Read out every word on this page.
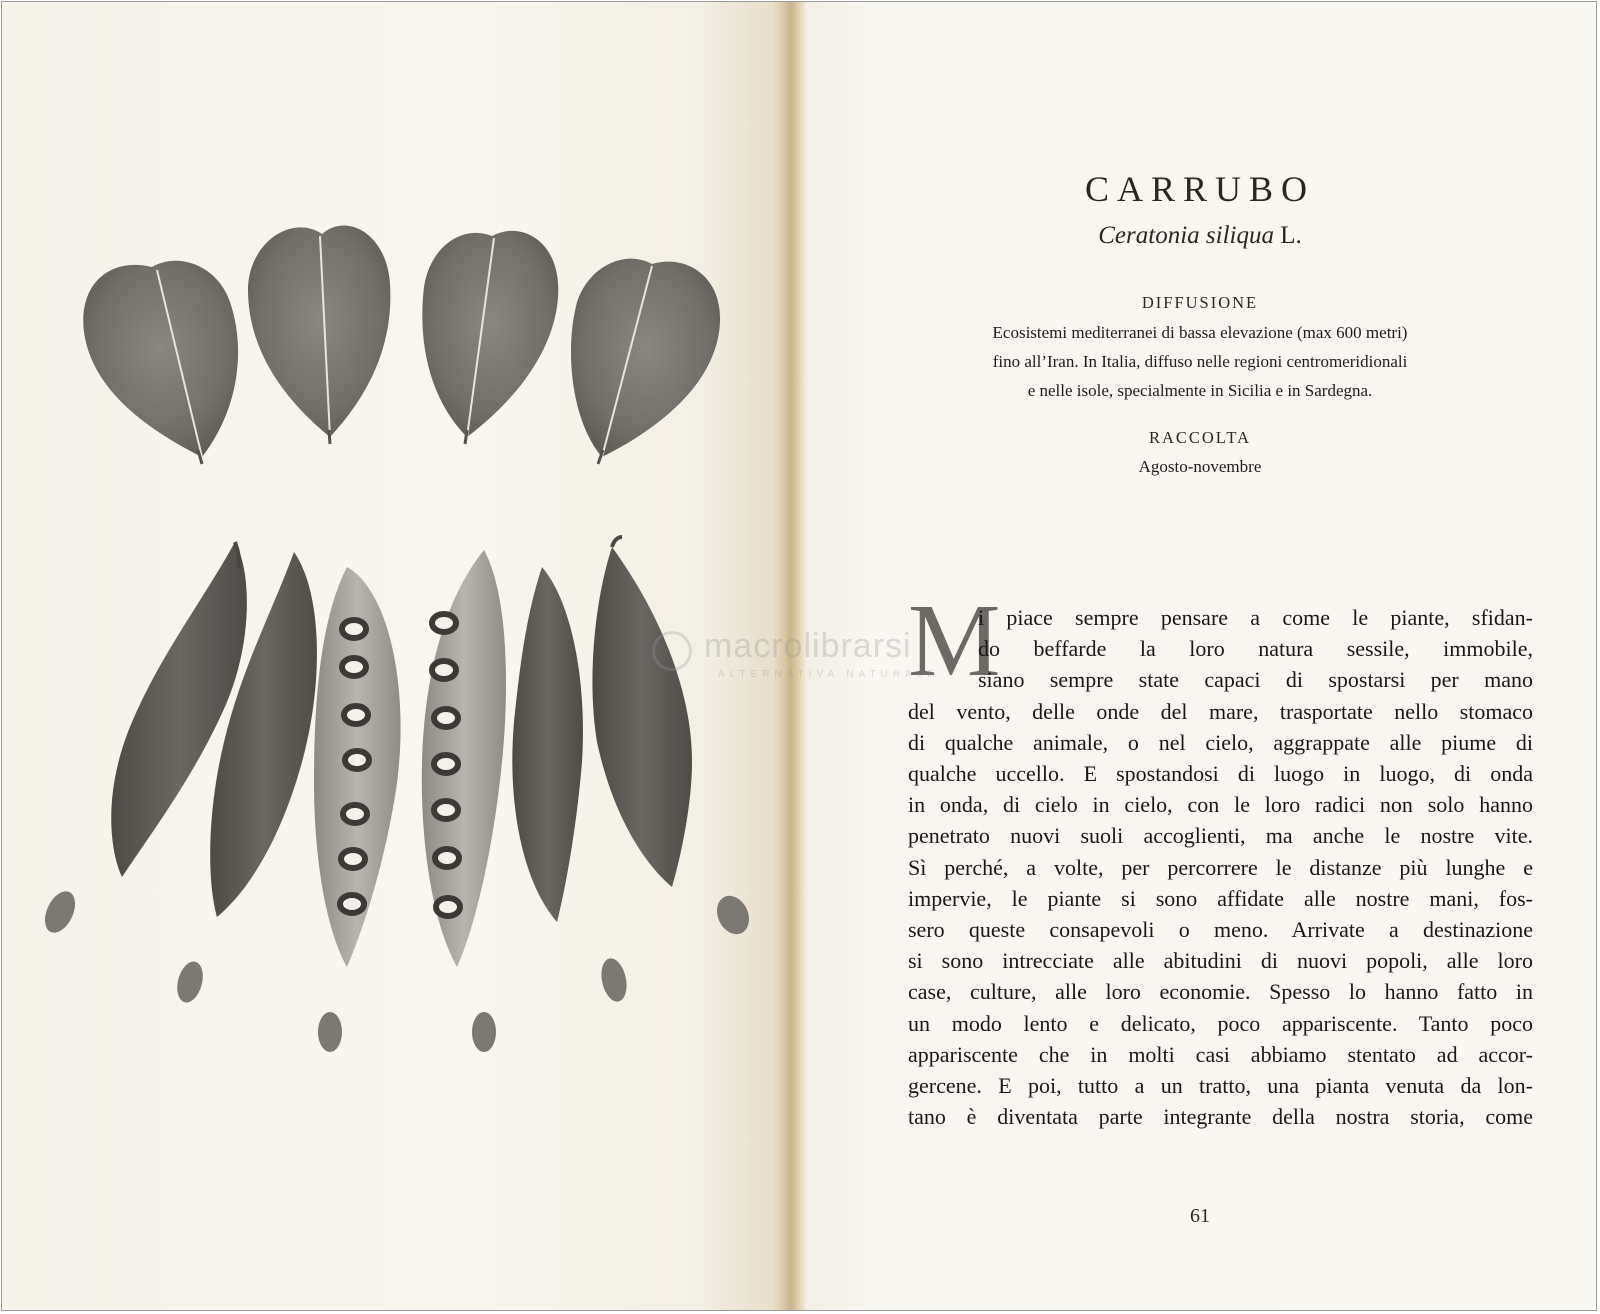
CARRUBO
Ceratonia siliqua L.
DIFFUSIONE
Ecosistemi mediterranei di bassa elevazione (max 600 metri)
fino all’Iran. In Italia, diffuso nelle regioni centromeridionali
e nelle isole, specialmente in Sicilia e in Sardegna.
RACCOLTA
Agosto-novembre
M

i piace sempre pensare a come le piante, sfidan-

do beffarde la loro natura sessile, immobile,

siano sempre state capaci di spostarsi per mano

del vento, delle onde del mare, trasportate nello stomaco

di qualche animale, o nel cielo, aggrappate alle piume di

qualche uccello. E spostandosi di luogo in luogo, di onda

in onda, di cielo in cielo, con le loro radici non solo hanno

penetrato nuovi suoli accoglienti, ma anche le nostre vite.

Sì perché, a volte, per percorrere le distanze più lunghe e

impervie, le piante si sono affidate alle nostre mani, fos-

sero queste consapevoli o meno. Arrivate a destinazione

si sono intrecciate alle abitudini di nuovi popoli, alle loro

case, culture, alle loro economie. Spesso lo hanno fatto in

un modo lento e delicato, poco appariscente. Tanto poco

appariscente che in molti casi abbiamo stentato ad accor-

gercene. E poi, tutto a un tratto, una pianta venuta da lon-

tano è diventata parte integrante della nostra storia, come

61
macrolibrarsi
ALTERNATIVA NATURALE
